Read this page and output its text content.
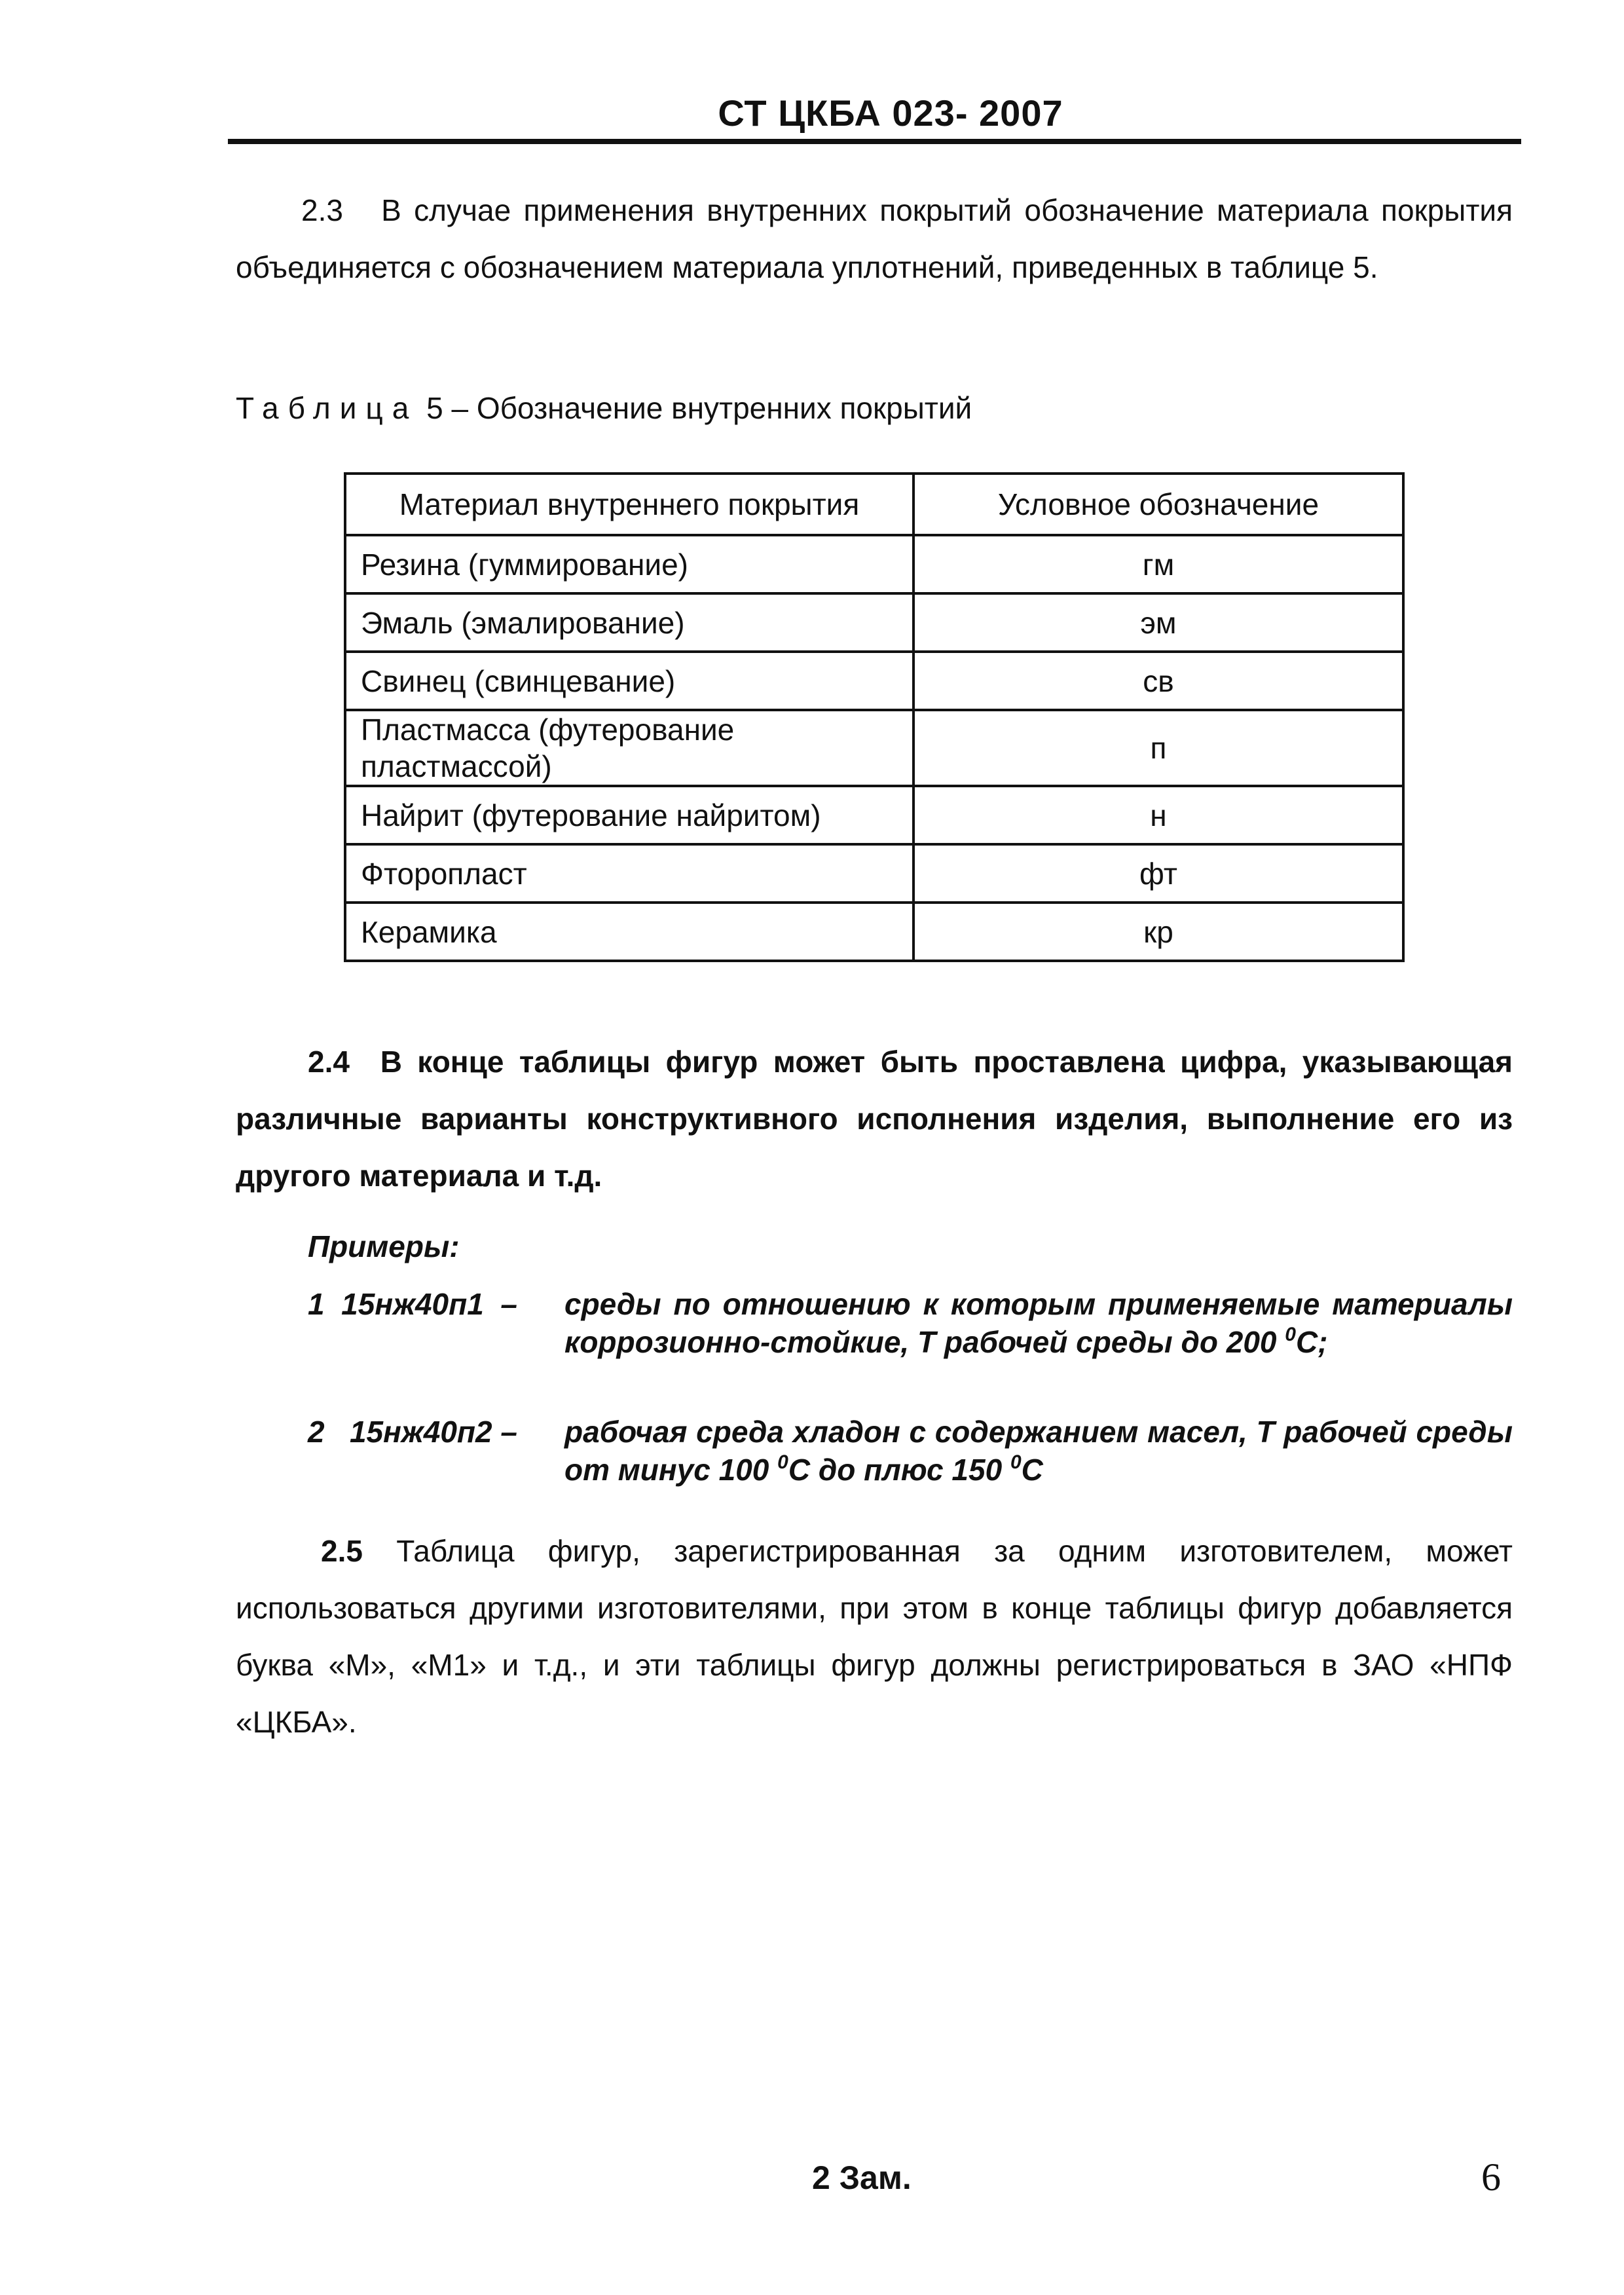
СТ ЦКБА 023- 2007
2.3 В случае применения внутренних покрытий обозначение материала покрытия объединяется с обозначением материала уплотнений, приведенных в таблице 5.
Таблица 5 – Обозначение внутренних покрытий
Материал внутреннего покрытия	Условное обозначение
Резина (гуммирование)	гм
Эмаль (эмалирование)	эм
Свинец (свинцевание)	св
Пластмасса (футерование пластмассой)	п
Найрит (футерование найритом)	н
Фторопласт	фт
Керамика	кр
2.4 В конце таблицы фигур может быть проставлена цифра, указывающая различные варианты конструктивного исполнения изделия, выполнение его из другого материала и т.д.
Примеры:
1 15нж40п1 – среды по отношению к которым применяемые материалы коррозионно-стойкие, Т рабочей среды до 200 $^0$С;
2 15нж40п2 – рабочая среда хладон с содержанием масел, Т рабочей среды от минус 100 $^0$С до плюс 150 $^0$С
2.5 Таблица фигур, зарегистрированная за одним изготовителем, может использоваться другими изготовителями, при этом в конце таблицы фигур добавляется буква «М», «М1» и т.д., и эти таблицы фигур должны регистрироваться в ЗАО «НПФ «ЦКБА».
2 Зам.	6
